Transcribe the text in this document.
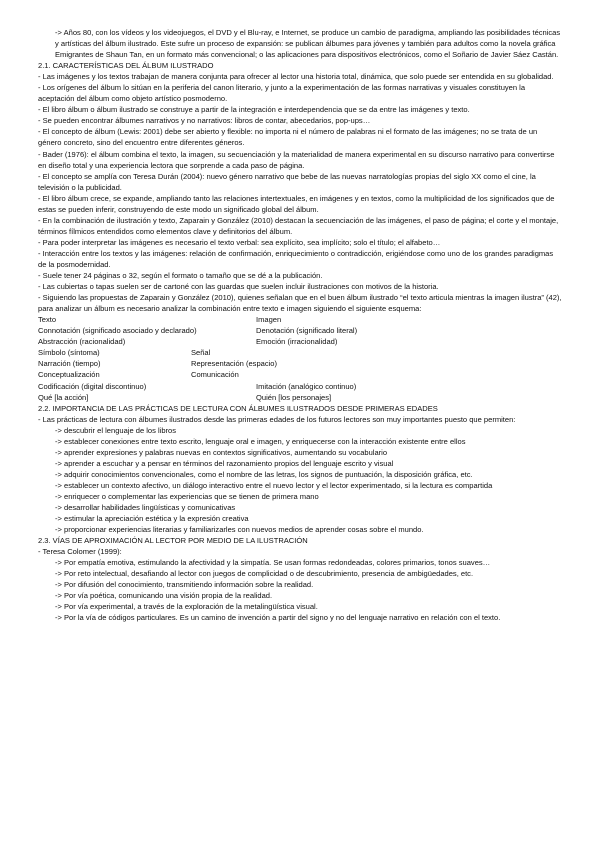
-> Años 80, con los vídeos y los videojuegos, el DVD y el Blu-ray, e Internet, se produce un cambio de paradigma, ampliando las posibilidades técnicas y artísticas del álbum ilustrado. Este sufre un proceso de expansión: se publican álbumes para jóvenes y también para adultos como la novela gráfica Emigrantes de Shaun Tan, en un formato más convencional; o las aplicaciones para dispositivos electrónicos, como el Soñario de Javier Sáez Castán.

2.1. CARACTERÍSTICAS DEL ÁLBUM ILUSTRADO

- Las imágenes y los textos trabajan de manera conjunta para ofrecer al lector una historia total, dinámica, que solo puede ser entendida en su globalidad.

- Los orígenes del álbum lo sitúan en la periferia del canon literario, y junto a la experimentación de las formas narrativas y visuales constituyen la aceptación del álbum como objeto artístico posmoderno.

- El libro álbum o álbum ilustrado se construye a partir de la integración e interdependencia que se da entre las imágenes y texto.

- Se pueden encontrar álbumes narrativos y no narrativos: libros de contar, abecedarios, pop-ups…

- El concepto de álbum (Lewis: 2001) debe ser abierto y flexible: no importa ni el número de palabras ni el formato de las imágenes; no se trata de un género concreto, sino del encuentro entre diferentes géneros.

- Bader (1976): el álbum combina el texto, la imagen, su secuenciación y la materialidad de manera experimental en su discurso narrativo para convertirse en diseño total y una experiencia lectora que sorprende a cada paso de página.

- El concepto se amplía con Teresa Durán (2004): nuevo género narrativo que bebe de las nuevas narratologías propias del siglo XX como el cine, la televisión o la publicidad.

- El libro álbum crece, se expande, ampliando tanto las relaciones intertextuales, en imágenes y en textos, como la multiplicidad de los significados que de estas se pueden inferir, construyendo de este modo un significado global del álbum.

- En la combinación de ilustración y texto, Zaparain y González (2010) destacan la secuenciación de las imágenes, el paso de página; el corte y el montaje, términos fílmicos entendidos como elementos clave y definitorios del álbum.

- Para poder interpretar las imágenes es necesario el texto verbal: sea explícito, sea implícito; solo el título; el alfabeto…

- Interacción entre los textos y las imágenes: relación de confirmación, enriquecimiento o contradicción, erigiéndose como uno de los grandes paradigmas de la posmodernidad.

- Suele tener 24 páginas o 32, según el formato o tamaño que se dé a la publicación.

- Las cubiertas o tapas suelen ser de cartoné con las guardas que suelen incluir ilustraciones con motivos de la historia.

- Siguiendo las propuestas de Zaparain y González (2010), quienes señalan que en el buen álbum ilustrado “el texto articula mientras la imagen ilustra” (42), para analizar un álbum es necesario analizar la combinación entre texto e imagen siguiendo el siguiente esquema:

Texto	Imagen
Connotación (significado asociado y declarado)	Denotación (significado literal)
Abstracción (racionalidad)	Emoción (irracionalidad)
Símbolo (síntoma)	Señal
Narración (tiempo)	Representación (espacio)
Conceptualización	Comunicación
Codificación (digital discontinuo)	Imitación (analógico continuo)
Qué [la acción]	Quién [los personajes]

2.2. IMPORTANCIA DE LAS PRÁCTICAS DE LECTURA CON ÁLBUMES ILUSTRADOS DESDE PRIMERAS EDADES

- Las prácticas de lectura con álbumes ilustrados desde las primeras edades de los futuros lectores son muy importantes puesto que permiten:

-> descubrir el lenguaje de los libros

-> establecer conexiones entre texto escrito, lenguaje oral e imagen, y enriquecerse con la interacción existente entre ellos

-> aprender expresiones y palabras nuevas en contextos significativos, aumentando su vocabulario

-> aprender a escuchar y a pensar en términos del razonamiento propios del lenguaje escrito y visual

-> adquirir conocimientos convencionales, como el nombre de las letras, los signos de puntuación, la disposición gráfica, etc.

-> establecer un contexto afectivo, un diálogo interactivo entre el nuevo lector y el lector experimentado, si la lectura es compartida

-> enriquecer o complementar las experiencias que se tienen de primera mano

-> desarrollar habilidades lingüísticas y comunicativas

-> estimular la apreciación estética y la expresión creativa

-> proporcionar experiencias literarias y familiarizarles con nuevos medios de aprender cosas sobre el mundo.

2.3. VÍAS DE APROXIMACIÓN AL LECTOR POR MEDIO DE LA ILUSTRACIÓN

- Teresa Colomer (1999):

-> Por empatía emotiva, estimulando la afectividad y la simpatía. Se usan formas redondeadas, colores primarios, tonos suaves…

-> Por reto intelectual, desafiando al lector con juegos de complicidad o de descubrimiento, presencia de ambigüedades, etc.

-> Por difusión del conocimiento, transmitiendo información sobre la realidad.

-> Por vía poética, comunicando una visión propia de la realidad.

-> Por vía experimental, a través de la exploración de la metalingüística visual.

-> Por la vía de códigos particulares. Es un camino de invención a partir del signo y no del lenguaje narrativo en relación con el texto.
